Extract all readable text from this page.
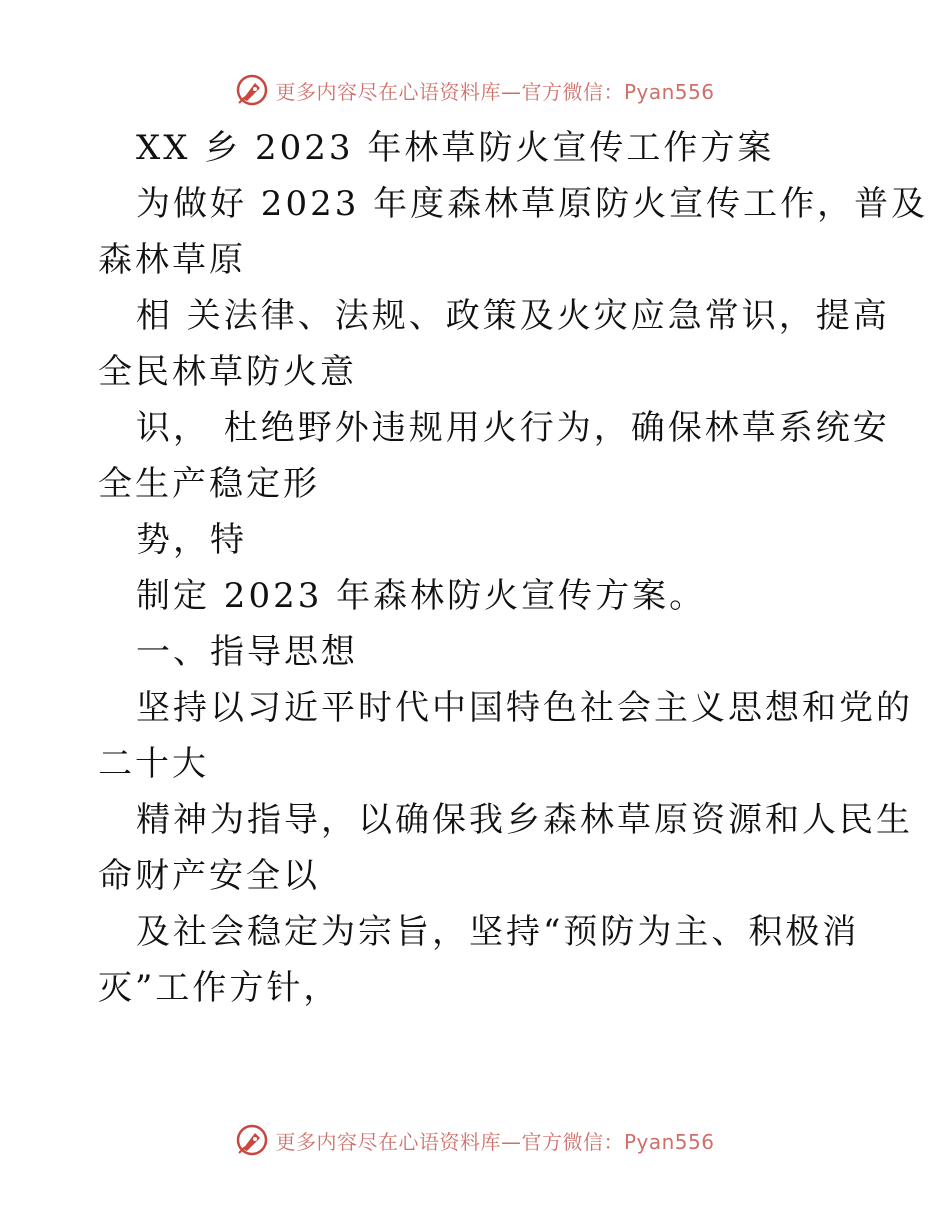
更多内容尽在心语资料库—官方微信：Pyan556
XX 乡 2023 年林草防火宣传工作方案
为做好 2023 年度森林草原防火宣传工作，普及
森林草原
相 关法律、法规、政策及火灾应急常识，提高
全民林草防火意
识， 杜绝野外违规用火行为，确保林草系统安
全生产稳定形
势，特
制定 2023 年森林防火宣传方案。
一、指导思想
坚持以习近平时代中国特色社会主义思想和党的
二十大
精神为指导，以确保我乡森林草原资源和人民生
命财产安全以
及社会稳定为宗旨，坚持“预防为主、积极消
灭”工作方针，
更多内容尽在心语资料库—官方微信：Pyan556
